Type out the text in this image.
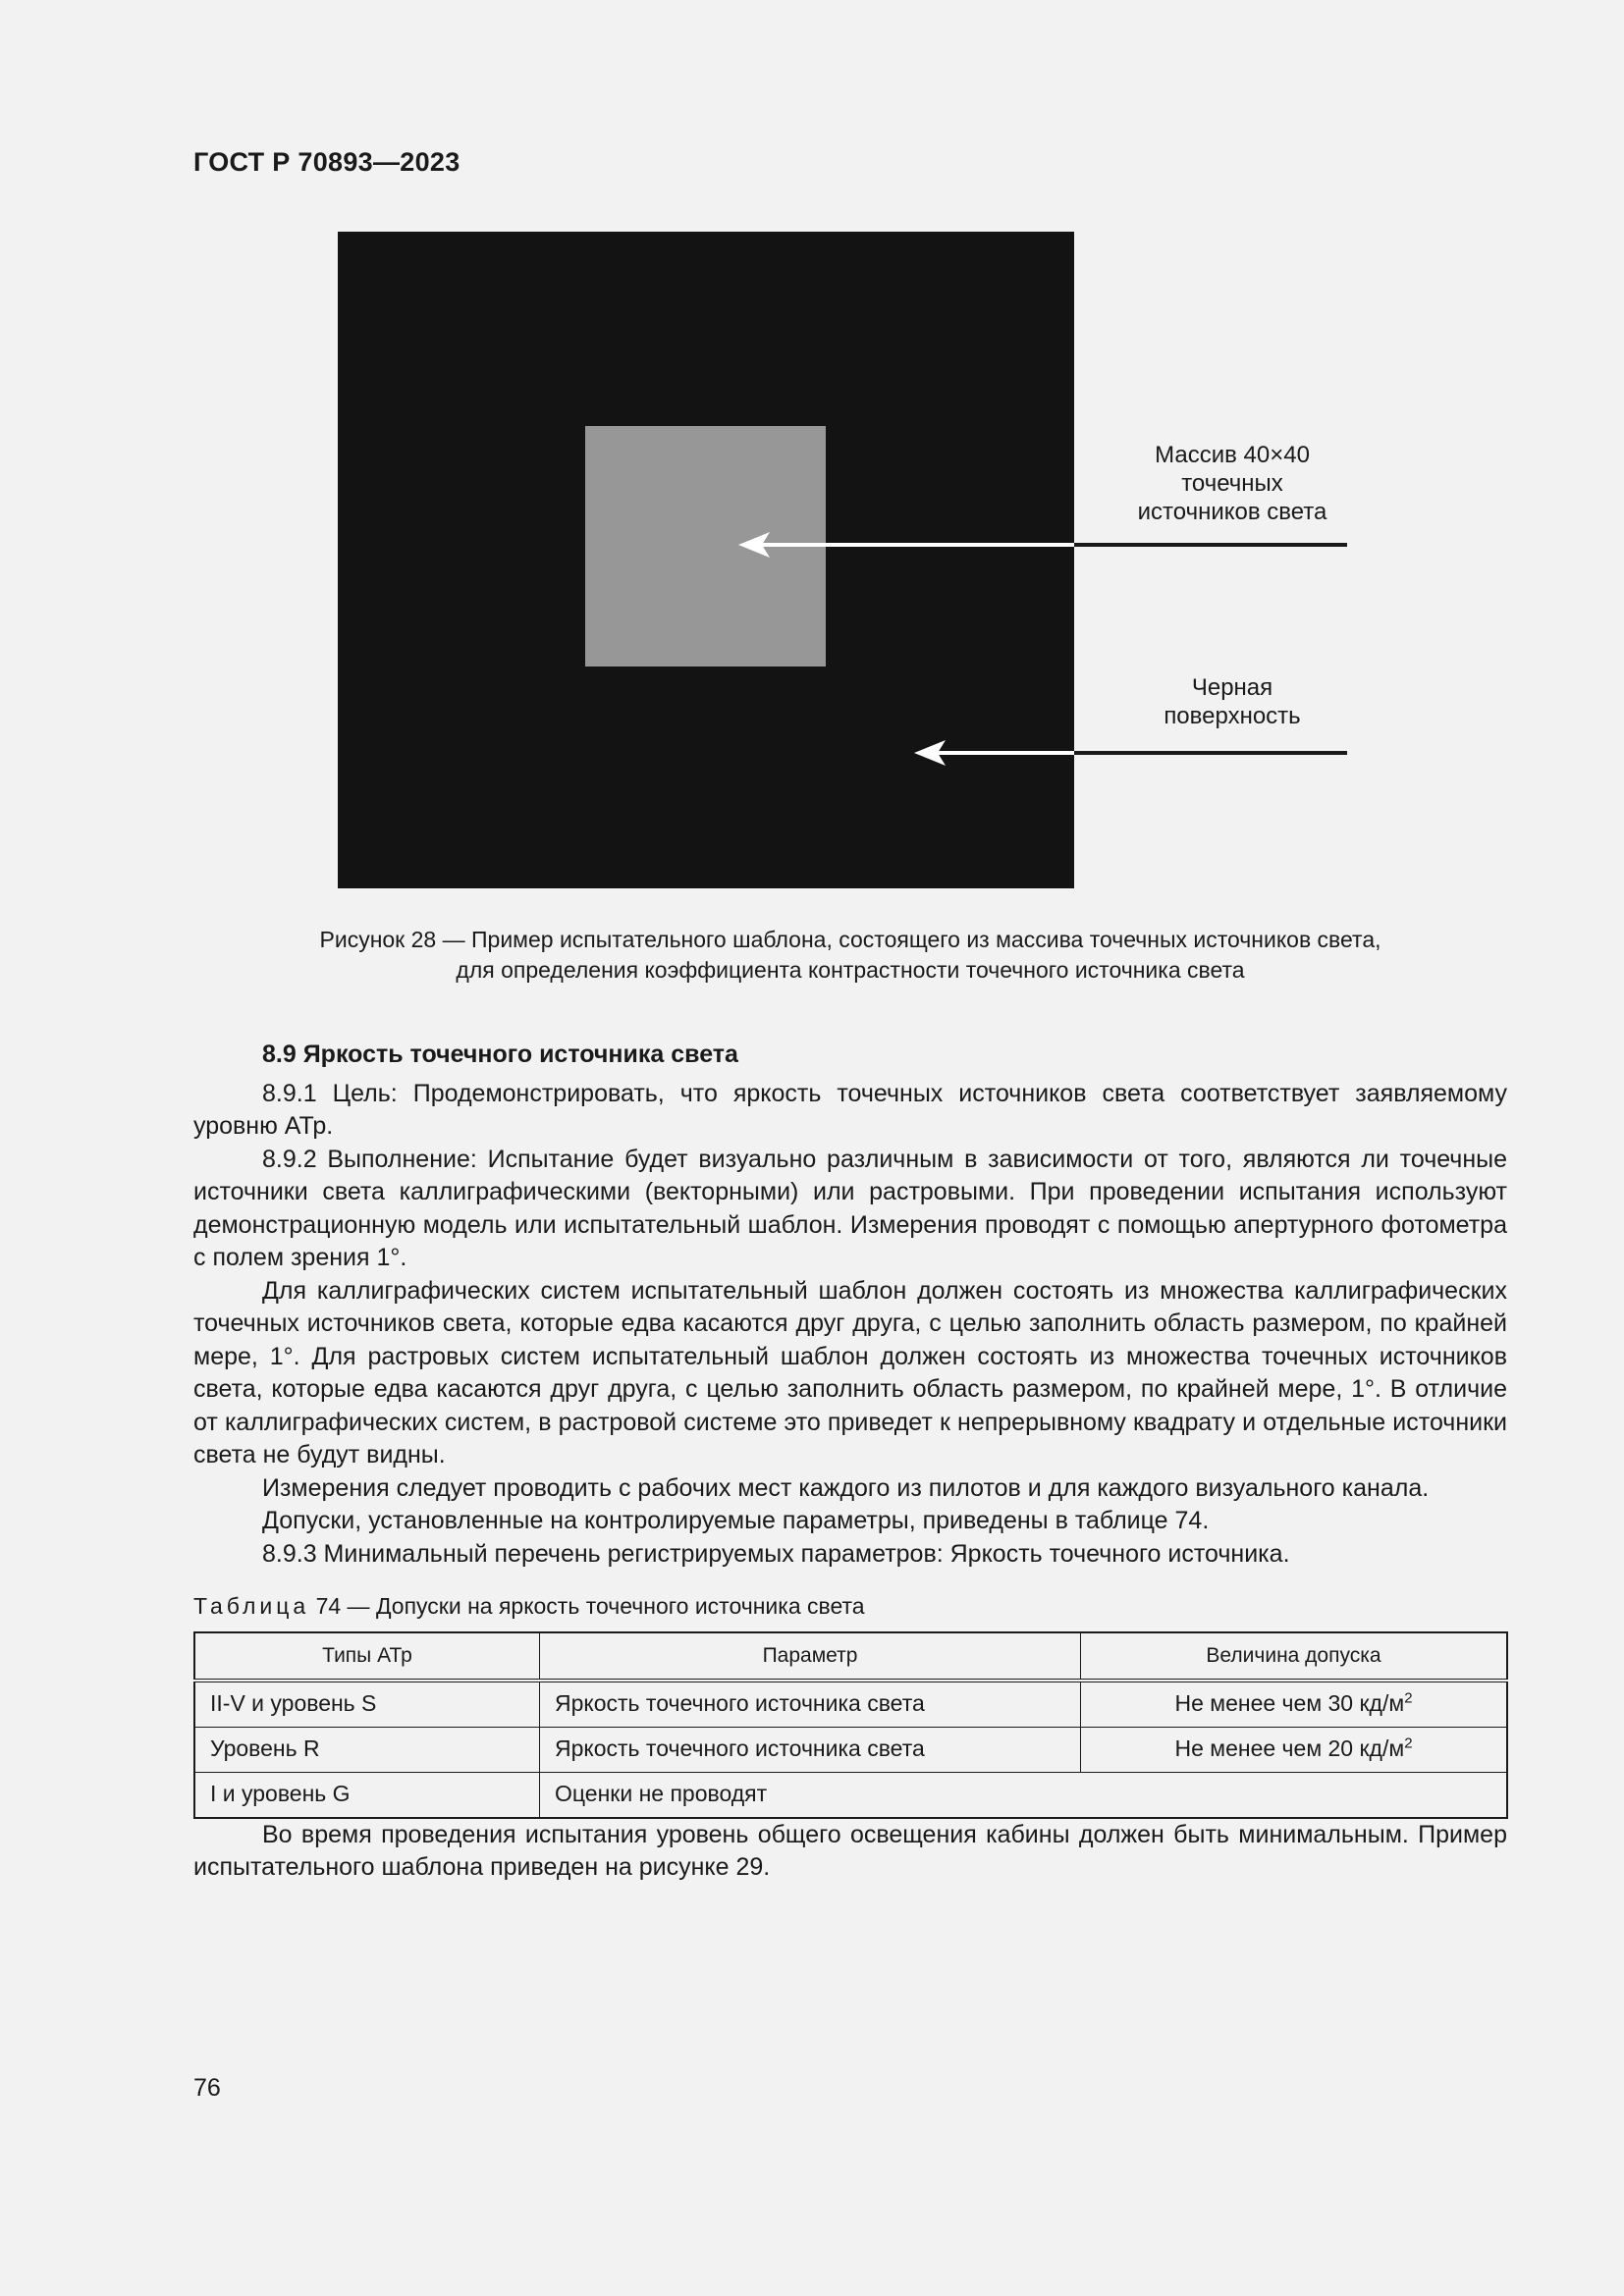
ГОСТ Р 70893—2023
Массив 40×40
точечных
источников света
Черная
поверхность
Рисунок 28 — Пример испытательного шаблона, состоящего из массива точечных источников света,
для определения коэффициента контрастности точечного источника света
8.9 Яркость точечного источника света

8.9.1 Цель: Продемонстрировать, что яркость точечных источников света соответствует заявляемому уровню АТр.

8.9.2 Выполнение: Испытание будет визуально различным в зависимости от того, являются ли точечные источники света каллиграфическими (векторными) или растровыми. При проведении испытания используют демонстрационную модель или испытательный шаблон. Измерения проводят с помощью апертурного фотометра с полем зрения 1°.

Для каллиграфических систем испытательный шаблон должен состоять из множества каллиграфических точечных источников света, которые едва касаются друг друга, с целью заполнить область размером, по крайней мере, 1°. Для растровых систем испытательный шаблон должен состоять из множества точечных источников света, которые едва касаются друг друга, с целью заполнить область размером, по крайней мере, 1°. В отличие от каллиграфических систем, в растровой системе это приведет к непрерывному квадрату и отдельные источники света не будут видны.

Измерения следует проводить с рабочих мест каждого из пилотов и для каждого визуального канала.

Допуски, установленные на контролируемые параметры, приведены в таблице 74.

8.9.3 Минимальный перечень регистрируемых параметров: Яркость точечного источника.

Таблица 74 — Допуски на яркость точечного источника света
Типы АТр	Параметр	Величина допуска
II-V и уровень S	Яркость точечного источника света	Не менее чем 30 $кд/м^2$
Уровень R	Яркость точечного источника света	Не менее чем 20 $кд/м^2$
I и уровень G	Оценки не проводят	

Во время проведения испытания уровень общего освещения кабины должен быть минимальным. Пример испытательного шаблона приведен на рисунке 29.

76
